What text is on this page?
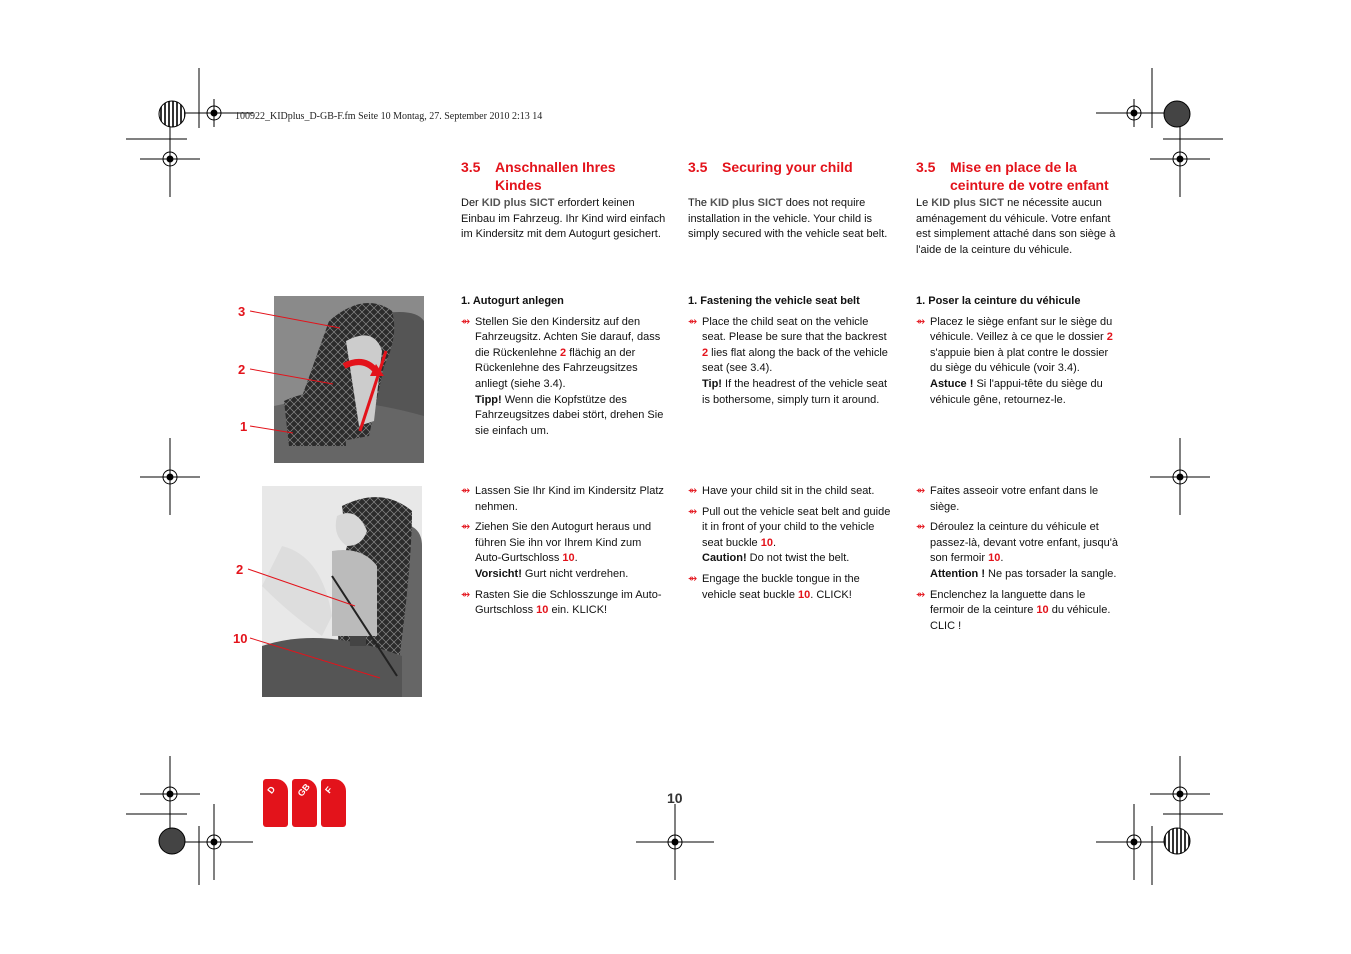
100922_KIDplus_D-GB-F.fm Seite 10 Montag, 27. September 2010 2:13 14
3
2
1
2
10
3.5	Anschnallen Ihres Kindes
Der KID plus SICT erfordert keinen Einbau im Fahrzeug. Ihr Kind wird einfach im Kindersitz mit dem Autogurt gesichert.
1. Autogurt anlegen
⇴ Stellen Sie den Kindersitz auf den Fahrzeugsitz. Achten Sie darauf, dass die Rückenlehne 2 flächig an der Rückenlehne des Fahrzeugsitzes anliegt (siehe 3.4).
Tipp! Wenn die Kopfstütze des Fahrzeugsitzes dabei stört, drehen Sie sie einfach um.
⇴ Lassen Sie Ihr Kind im Kindersitz Platz nehmen.
⇴ Ziehen Sie den Autogurt heraus und führen Sie ihn vor Ihrem Kind zum Auto-Gurtschloss 10.
Vorsicht! Gurt nicht verdrehen.
⇴ Rasten Sie die Schlosszunge im Auto-Gurtschloss 10 ein. KLICK!
3.5	Securing your child
The KID plus SICT does not require installation in the vehicle. Your child is simply secured with the vehicle seat belt.
1. Fastening the vehicle seat belt
⇴ Place the child seat on the vehicle seat. Please be sure that the backrest 2 lies flat along the back of the vehicle seat (see 3.4).
Tip! If the headrest of the vehicle seat is bothersome, simply turn it around.
⇴ Have your child sit in the child seat.
⇴ Pull out the vehicle seat belt and guide it in front of your child to the vehicle seat buckle 10.
Caution! Do not twist the belt.
⇴ Engage the buckle tongue in the vehicle seat buckle 10. CLICK!
3.5	Mise en place de la ceinture de votre enfant
Le KID plus SICT ne nécessite aucun aménagement du véhicule. Votre enfant est simplement attaché dans son siège à l'aide de la ceinture du véhicule.
1. Poser la ceinture du véhicule
⇴ Placez le siège enfant sur le siège du véhicule. Veillez à ce que le dossier 2 s'appuie bien à plat contre le dossier du siège du véhicule (voir 3.4).
Astuce ! Si l'appui-tête du siège du véhicule gêne, retournez-le.
⇴ Faites asseoir votre enfant dans le siège.
⇴ Déroulez la ceinture du véhicule et passez-là, devant votre enfant, jusqu'à son fermoir 10.
Attention ! Ne pas torsader la sangle.
⇴ Enclenchez la languette dans le fermoir de la ceinture 10 du véhicule. CLIC !
D GB F	10
